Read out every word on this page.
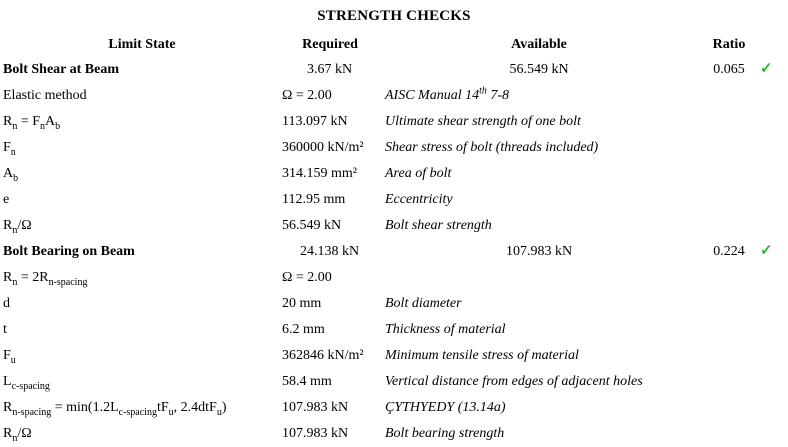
STRENGTH CHECKS
Limit State	Required	Available	Ratio
Bolt Shear at Beam	3.67 kN	56.549 kN	0.065	✓
Elastic method	Ω = 2.00	AISC Manual 14th 7-8
$R_n = F_nA_b$	113.097 kN	Ultimate shear strength of one bolt
$F_n$	360000 kN/m²	Shear stress of bolt (threads included)
$A_b$	314.159 mm²	Area of bolt
e	112.95 mm	Eccentricity
$R_n/\Omega$	56.549 kN	Bolt shear strength
Bolt Bearing on Beam	24.138 kN	107.983 kN	0.224	✓
$R_n = 2R_{n-spacing}$	Ω = 2.00
d	20 mm	Bolt diameter
t	6.2 mm	Thickness of material
$F_u$	362846 kN/m²	Minimum tensile stress of material
$L_{c-spacing}$	58.4 mm	Vertical distance from edges of adjacent holes
$R_{n-spacing} = \min(1.2L_{c-spacing}tF_u$, 2.4dtF$_u$)	107.983 kN	ÇYTHYEDY (13.14a)
$R_n/\Omega$	107.983 kN	Bolt bearing strength
